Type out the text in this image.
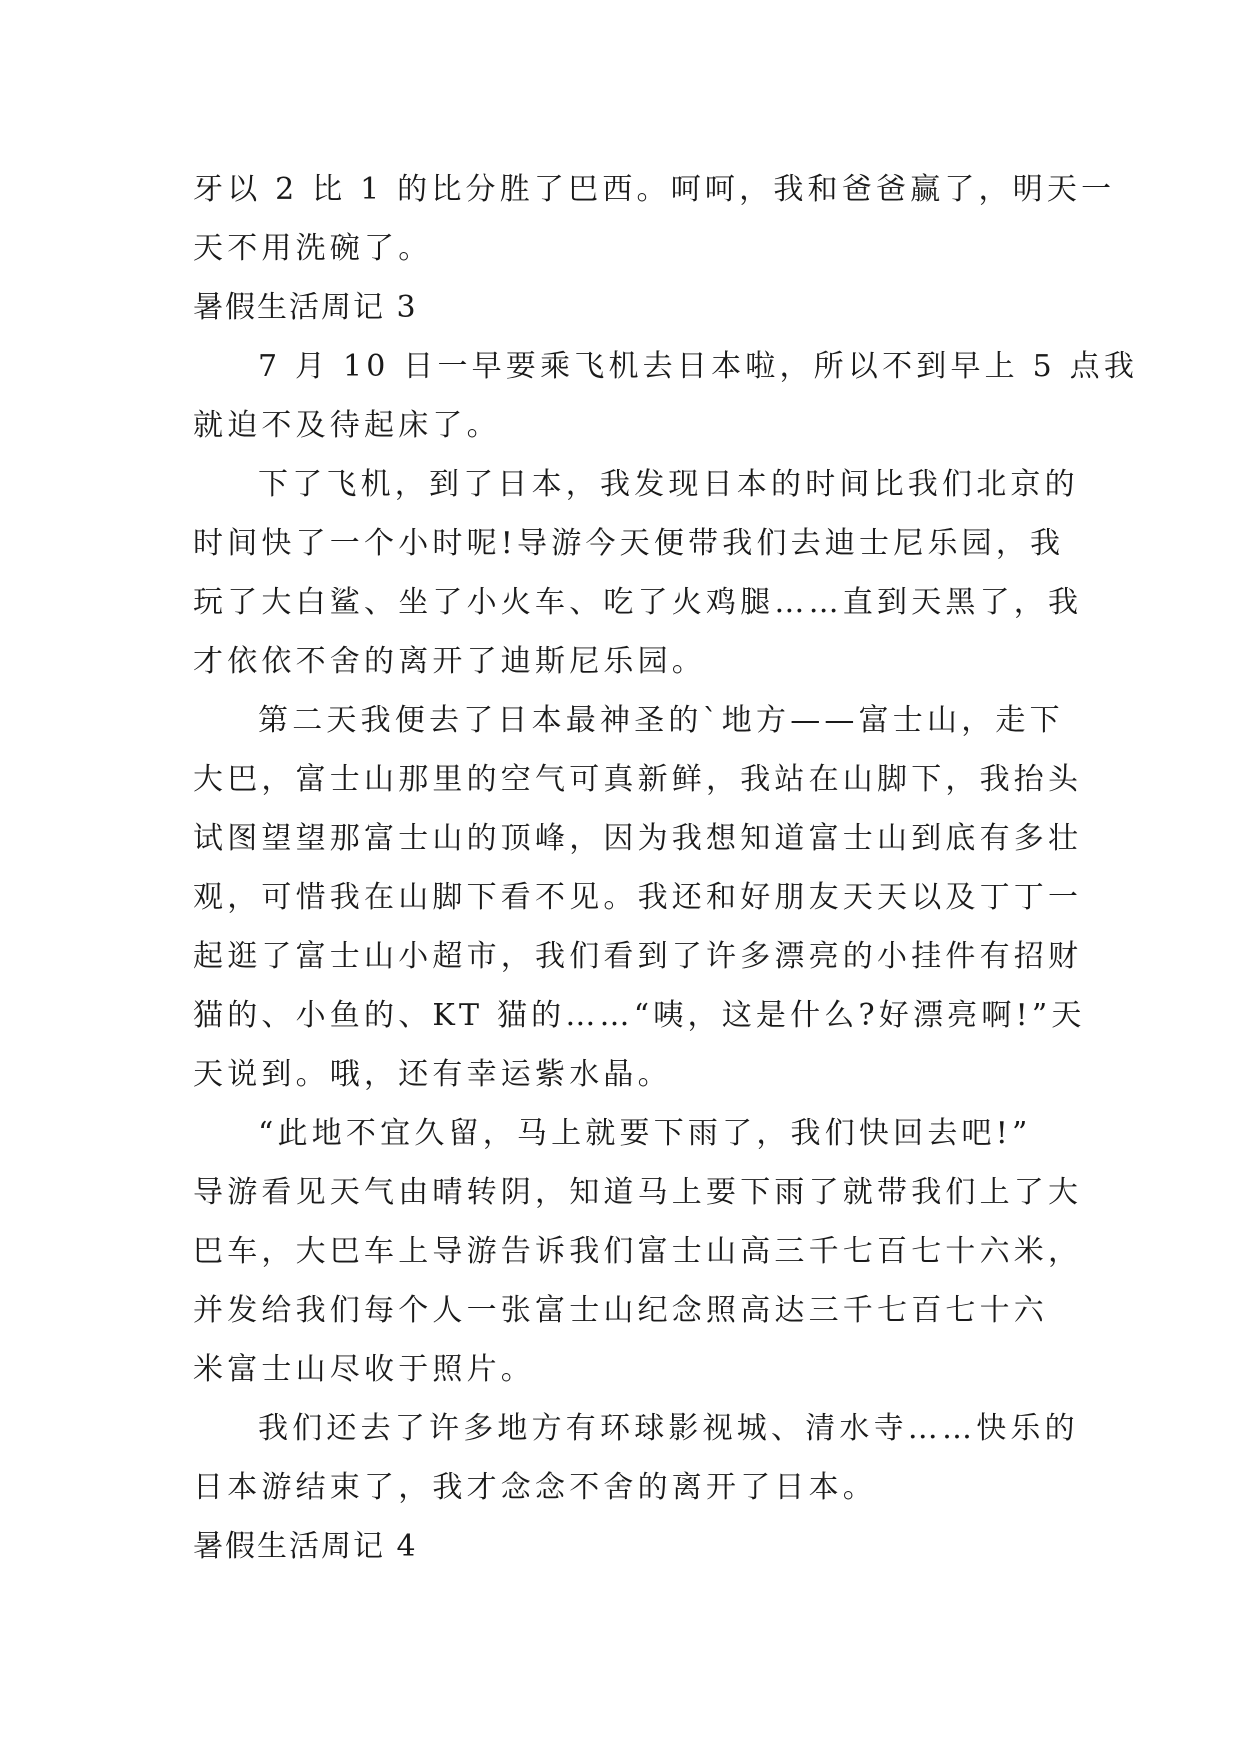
牙以 2 比 1 的比分胜了巴西。呵呵，我和爸爸赢了，明天一
天不用洗碗了。
暑假生活周记 3
7 月 10 日一早要乘飞机去日本啦，所以不到早上 5 点我
就迫不及待起床了。
下了飞机，到了日本，我发现日本的时间比我们北京的
时间快了一个小时呢!导游今天便带我们去迪士尼乐园，我
玩了大白鲨、坐了小火车、吃了火鸡腿……直到天黑了，我
才依依不舍的离开了迪斯尼乐园。
第二天我便去了日本最神圣的`地方——富士山，走下
大巴，富士山那里的空气可真新鲜，我站在山脚下，我抬头
试图望望那富士山的顶峰，因为我想知道富士山到底有多壮
观，可惜我在山脚下看不见。我还和好朋友天天以及丁丁一
起逛了富士山小超市，我们看到了许多漂亮的小挂件有招财
猫的、小鱼的、KT 猫的……“咦，这是什么?好漂亮啊!”天
天说到。哦，还有幸运紫水晶。
“此地不宜久留，马上就要下雨了，我们快回去吧!”
导游看见天气由晴转阴，知道马上要下雨了就带我们上了大
巴车，大巴车上导游告诉我们富士山高三千七百七十六米，
并发给我们每个人一张富士山纪念照高达三千七百七十六
米富士山尽收于照片。
我们还去了许多地方有环球影视城、清水寺……快乐的
日本游结束了，我才念念不舍的离开了日本。
暑假生活周记 4
